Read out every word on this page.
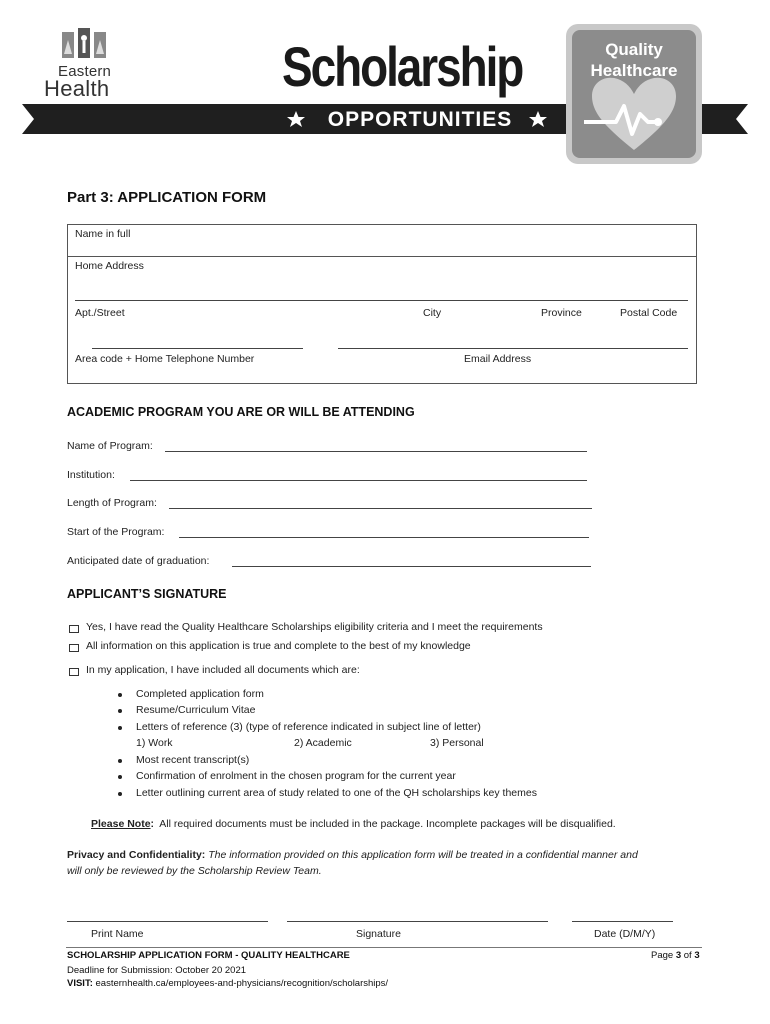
Eastern
Health	Scholarship
OPPORTUNITIES
Quality
Healthcare
Part 3: APPLICATION FORM
Name in full
Home Address
Apt./Street	City	Province	Postal Code
Area code + Home Telephone Number	Email Address
ACADEMIC PROGRAM YOU ARE OR WILL BE ATTENDING
Name of Program:
Institution:
Length of Program:
Start of the Program:
Anticipated date of graduation:
APPLICANT’S SIGNATURE
Yes, I have read the Quality Healthcare Scholarships eligibility criteria and I meet the requirements
All information on this application is true and complete to the best of my knowledge
In my application, I have included all documents which are:
Completed application form
Resume/Curriculum Vitae
Letters of reference (3) (type of reference indicated in subject line of letter)
1) Work	2) Academic	3) Personal
Most recent transcript(s)
Confirmation of enrolment in the chosen program for the current year
Letter outlining current area of study related to one of the QH scholarships key themes
Please Note: All required documents must be included in the package. Incomplete packages will be disqualified.
Privacy and Confidentiality: The information provided on this application form will be treated in a confidential manner and
will only be reviewed by the Scholarship Review Team.
Print Name	Signature	Date (D/M/Y)
SCHOLARSHIP APPLICATION FORM - QUALITY HEALTHCARE	Page 3 of 3
Deadline for Submission: October 20 2021
VISIT: easternhealth.ca/employees-and-physicians/recognition/scholarships/
